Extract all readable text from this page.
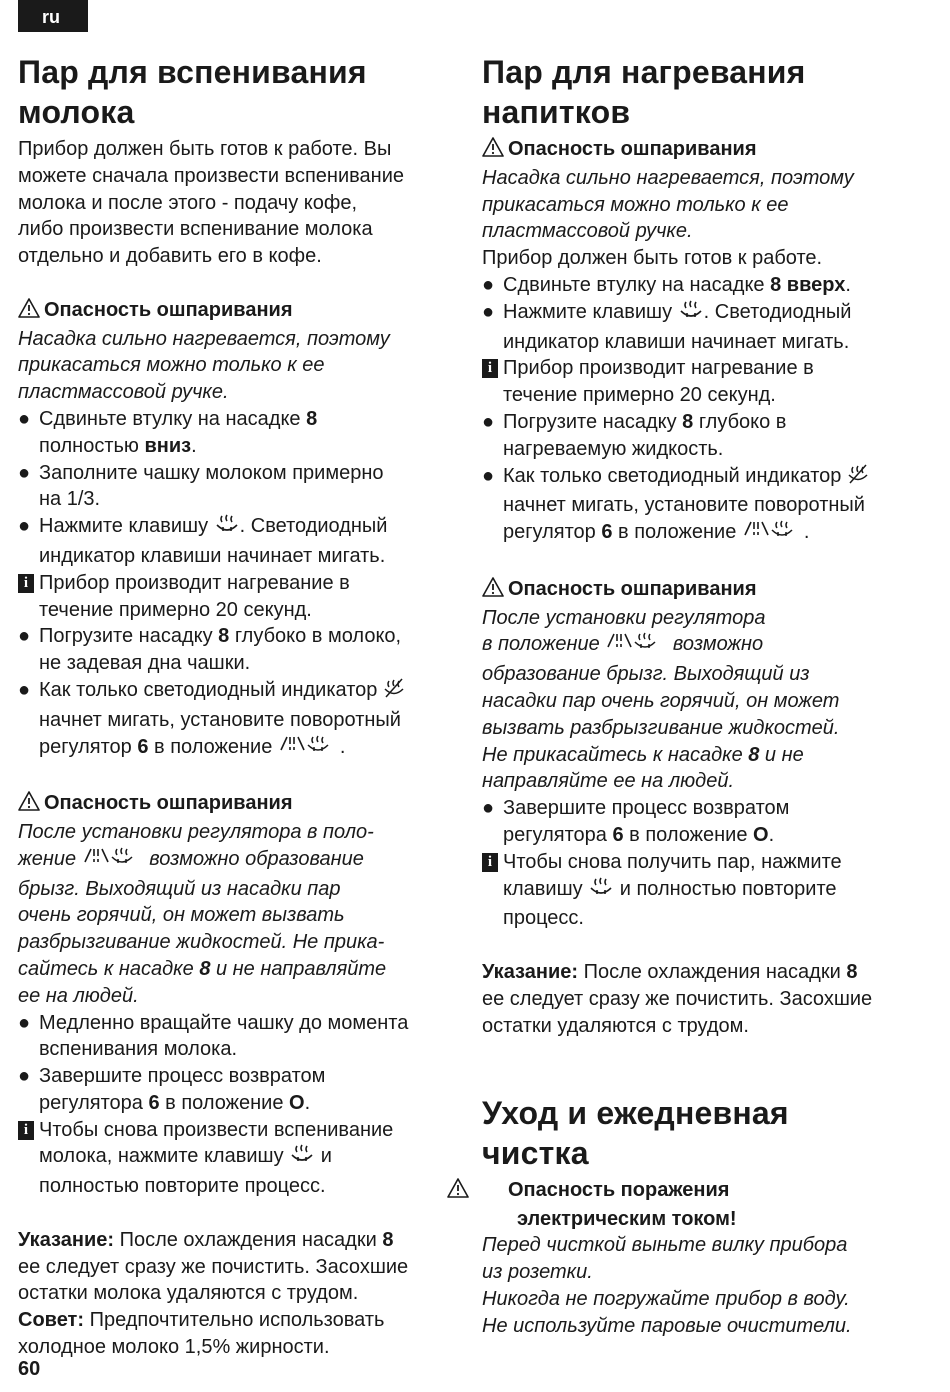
ru
Пар для вспенивания
молока

Прибор должен быть готов к работе. Вы
можете сначала произвести вспенивание
молока и после этого - подачу кофе,
либо произвести вспенивание молока
отдельно и добавить его в кофе.

Опасность ошпаривания

Насадка сильно нагревается, поэтому
прикасаться можно только к ее
пластмассовой ручке.

● Сдвиньте втулку на насадке 8
полностью вниз.

● Заполните чашку молоком примерно
на 1/3.

● Нажмите клавишу . Светодиодный
индикатор клавиши начинает мигать.

i Прибор производит нагревание в
течение примерно 20 секунд.

● Погрузите насадку 8 глубоко в молоко,
не задевая дна чашки.

● Как только светодиодный индикатор
начнет мигать, установите поворотный
регулятор 6 в положение	.

Опасность ошпаривания

После установки регулятора в поло-
жение	возможно образование
брызг. Выходящий из насадки пар
очень горячий, он может вызвать
разбрызгивание жидкостей. Не прика-
сайтесь к насадке 8 и не направляйте
ее на людей.

● Медленно вращайте чашку до момента
вспенивания молока.

● Завершите процесс возвратом
регулятора 6 в положение O.

i Чтобы снова произвести вспенивание
молока, нажмите клавишу  и
полностью повторите процесс.

Указание: После охлаждения насадки 8
ее следует сразу же почистить. Засохшие
остатки молока удаляются с трудом.

Совет: Предпочтительно использовать
холодное молоко 1,5% жирности.

Пар для нагревания
напитков

Опасность ошпаривания

Насадка сильно нагревается, поэтому
прикасаться можно только к ее
пластмассовой ручке.

Прибор должен быть готов к работе.

● Сдвиньте втулку на насадке 8 вверх.

● Нажмите клавишу . Светодиодный
индикатор клавиши начинает мигать.

i Прибор производит нагревание в
течение примерно 20 секунд.

● Погрузите насадку 8 глубоко в
нагреваемую жидкость.

● Как только светодиодный индикатор
начнет мигать, установите поворотный
регулятор 6 в положение	.

Опасность ошпаривания

После установки регулятора
в положение	возможно
образование брызг. Выходящий из
насадки пар очень горячий, он может
вызвать разбрызгивание жидкостей.
Не прикасайтесь к насадке 8 и не
направляйте ее на людей.

● Завершите процесс возвратом
регулятора 6 в положение O.

i Чтобы снова получить пар, нажмите
клавишу  и полностью повторите
процесс.

Указание: После охлаждения насадки 8
ее следует сразу же почистить. Засохшие
остатки удаляются с трудом.

Уход и ежедневная
чистка

Опасность поражения
электрическим током!

Перед чисткой выньте вилку прибора
из розетки.
Никогда не погружайте прибор в воду.
Не используйте паровые очистители.

60
